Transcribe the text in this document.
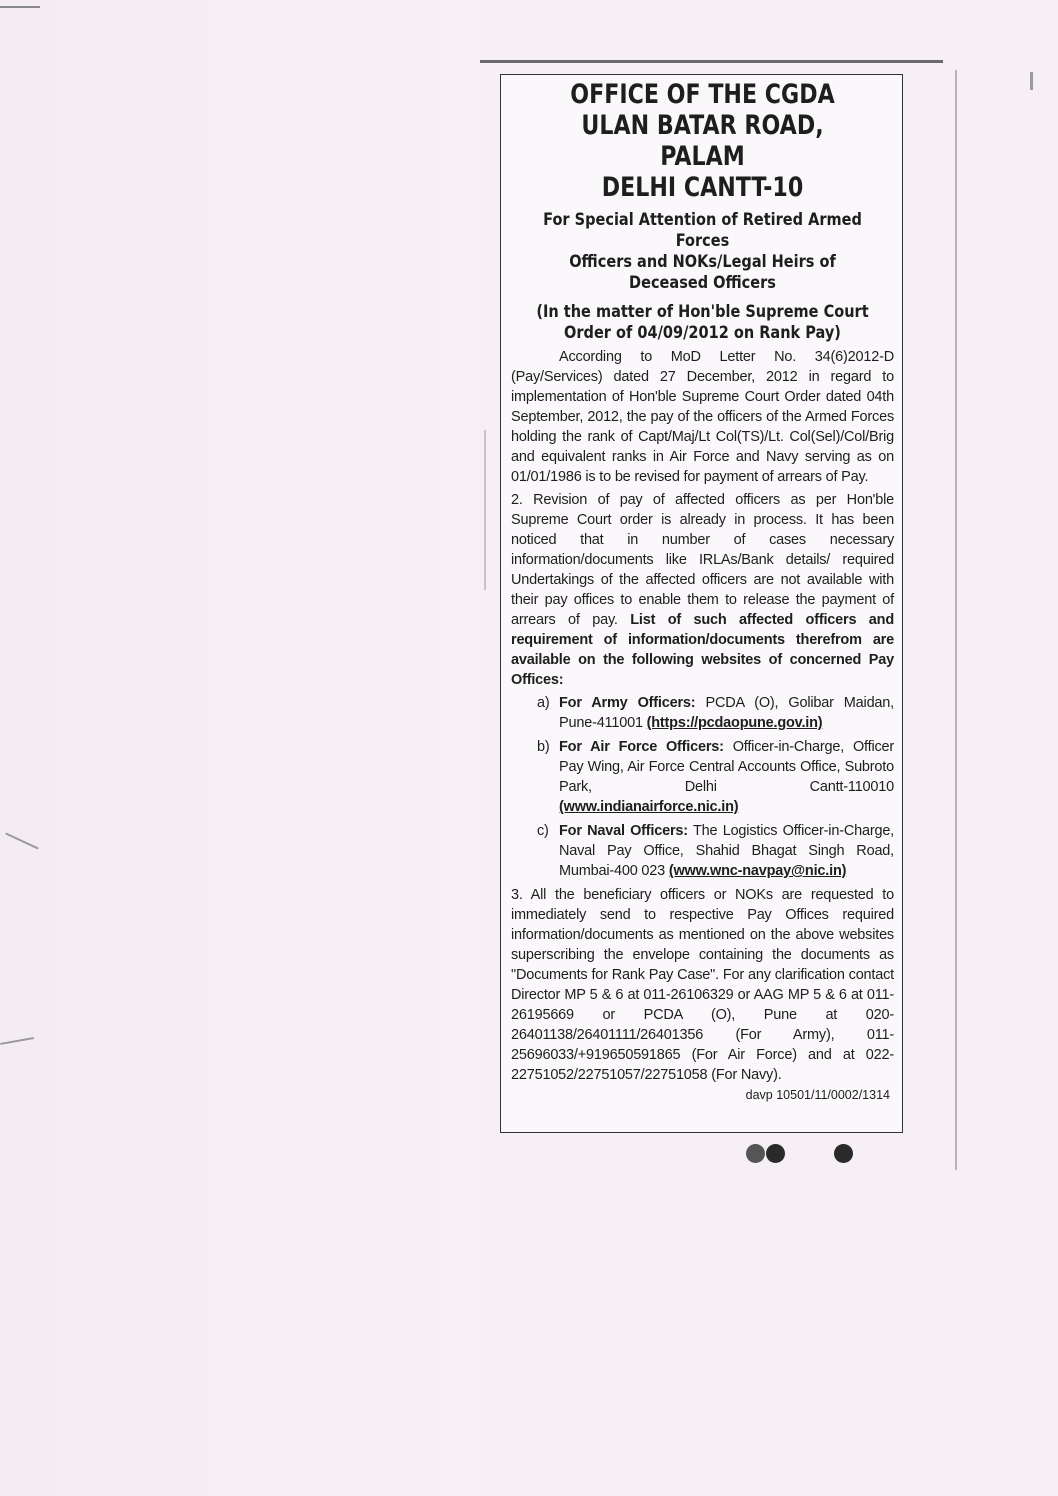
OFFICE OF THE CGDA
ULAN BATAR ROAD, PALAM
DELHI CANTT-10
For Special Attention of Retired Armed Forces
Officers and NOKs/Legal Heirs of
Deceased Officers
(In the matter of Hon'ble Supreme Court
Order of 04/09/2012 on Rank Pay)

According to MoD Letter No. 34(6)2012-D (Pay/Services) dated 27 December, 2012 in regard to implementation of Hon'ble Supreme Court Order dated 04th September, 2012, the pay of the officers of the Armed Forces holding the rank of Capt/Maj/Lt Col(TS)/Lt. Col(Sel)/Col/Brig and equivalent ranks in Air Force and Navy serving as on 01/01/1986 is to be revised for payment of arrears of Pay.

2. Revision of pay of affected officers as per Hon'ble Supreme Court order is already in process. It has been noticed that in number of cases necessary information/documents like IRLAs/Bank details/ required Undertakings of the affected officers are not available with their pay offices to enable them to release the payment of arrears of pay. List of such affected officers and requirement of information/documents therefrom are available on the following websites of concerned Pay Offices:

a) For Army Officers: PCDA (O), Golibar Maidan, Pune-411001 (https://pcdaopune.gov.in)
b) For Air Force Officers: Officer-in-Charge, Officer Pay Wing, Air Force Central Accounts Office, Subroto Park, Delhi Cantt-110010 (www.indianairforce.nic.in)
c) For Naval Officers: The Logistics Officer-in-Charge, Naval Pay Office, Shahid Bhagat Singh Road, Mumbai-400 023 (www.wnc-navpay@nic.in)

3. All the beneficiary officers or NOKs are requested to immediately send to respective Pay Offices required information/documents as mentioned on the above websites superscribing the envelope containing the documents as "Documents for Rank Pay Case". For any clarification contact Director MP 5 & 6 at 011-26106329 or AAG MP 5 & 6 at 011-26195669 or PCDA (O), Pune at 020-26401138/26401111/26401356 (For Army), 011-25696033/+919650591865 (For Air Force) and at 022-22751052/22751057/22751058 (For Navy).

davp 10501/11/0002/1314
